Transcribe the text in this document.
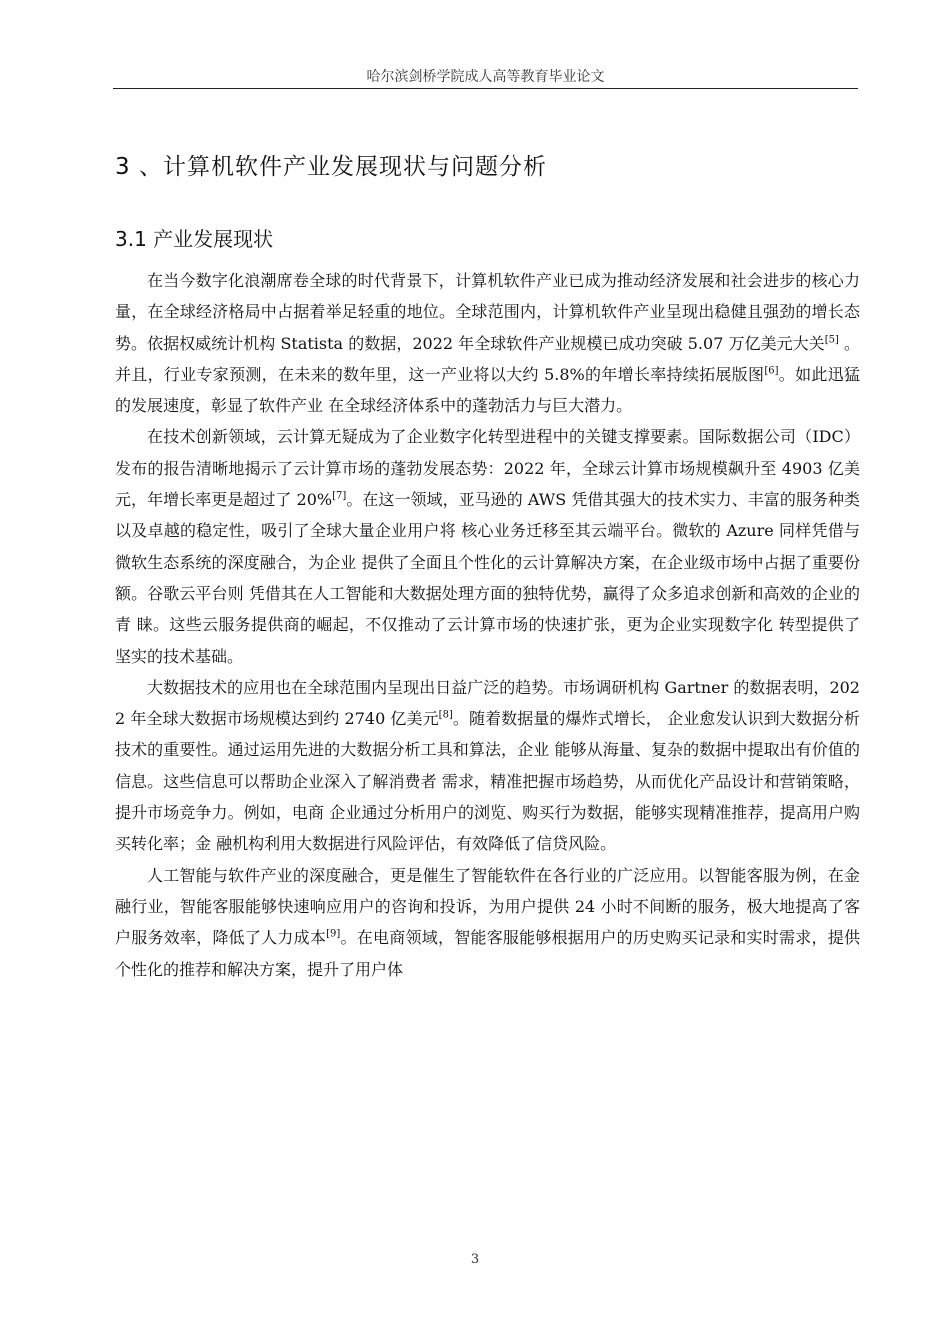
哈尔滨剑桥学院成人高等教育毕业论文
3 、计算机软件产业发展现状与问题分析
3.1 产业发展现状

在当今数字化浪潮席卷全球的时代背景下，计算机软件产业已成为推动经济发展和社会进步的核心力量，在全球经济格局中占据着举足轻重的地位。全球范围内，计算机软件产业呈现出稳健且强劲的增长态势。依据权威统计机构 Statista 的数据，2022 年全球软件产业规模已成功突破 5.07 万亿美元大关[5] 。并且，行业专家预测，在未来的数年里，这一产业将以大约 5.8%的年增长率持续拓展版图[6]。如此迅猛的发展速度，彰显了软件产业 在全球经济体系中的蓬勃活力与巨大潜力。

在技术创新领域，云计算无疑成为了企业数字化转型进程中的关键支撑要素。国际数据公司（IDC）发布的报告清晰地揭示了云计算市场的蓬勃发展态势：2022 年，全球云计算市场规模飙升至 4903 亿美元，年增长率更是超过了 20%[7]。在这一领域，亚马逊的 AWS 凭借其强大的技术实力、丰富的服务种类以及卓越的稳定性，吸引了全球大量企业用户将 核心业务迁移至其云端平台。微软的 Azure 同样凭借与微软生态系统的深度融合，为企业 提供了全面且个性化的云计算解决方案，在企业级市场中占据了重要份额。谷歌云平台则 凭借其在人工智能和大数据处理方面的独特优势，赢得了众多追求创新和高效的企业的青 睐。这些云服务提供商的崛起，不仅推动了云计算市场的快速扩张，更为企业实现数字化 转型提供了坚实的技术基础。

大数据技术的应用也在全球范围内呈现出日益广泛的趋势。市场调研机构 Gartner 的数据表明，2022 年全球大数据市场规模达到约 2740 亿美元[8]。随着数据量的爆炸式增长， 企业愈发认识到大数据分析技术的重要性。通过运用先进的大数据分析工具和算法，企业 能够从海量、复杂的数据中提取出有价值的信息。这些信息可以帮助企业深入了解消费者 需求，精准把握市场趋势，从而优化产品设计和营销策略，提升市场竞争力。例如，电商 企业通过分析用户的浏览、购买行为数据，能够实现精准推荐，提高用户购买转化率；金 融机构利用大数据进行风险评估，有效降低了信贷风险。

人工智能与软件产业的深度融合，更是催生了智能软件在各行业的广泛应用。以智能客服为例，在金融行业，智能客服能够快速响应用户的咨询和投诉，为用户提供 24 小时不间断的服务，极大地提高了客户服务效率，降低了人力成本[9]。在电商领域，智能客服能够根据用户的历史购买记录和实时需求，提供个性化的推荐和解决方案，提升了用户体

3
